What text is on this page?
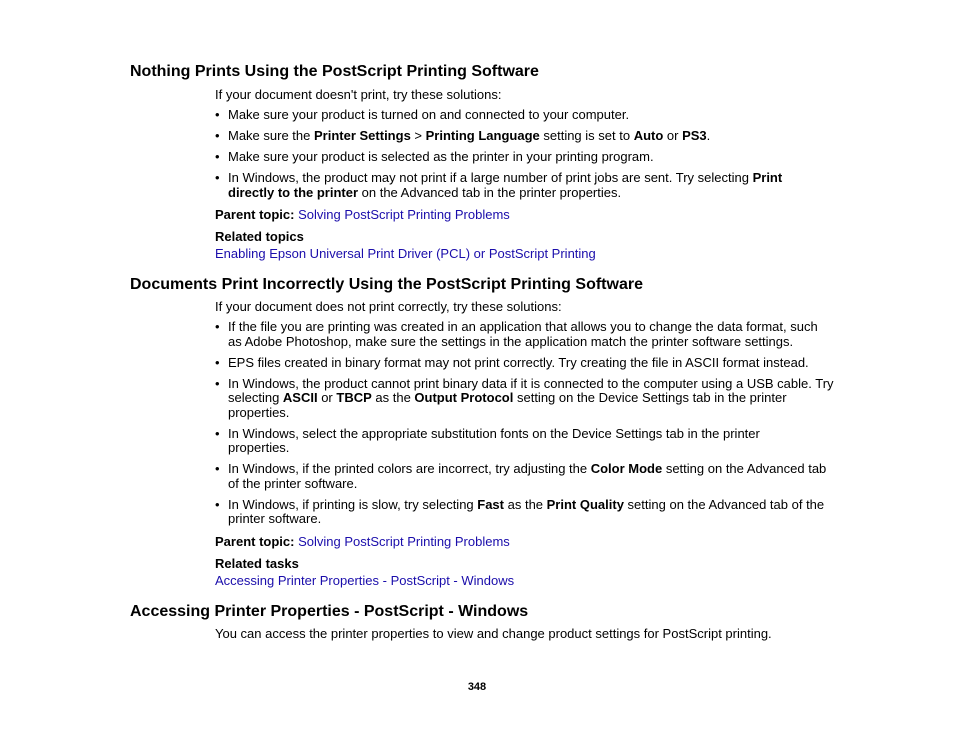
Nothing Prints Using the PostScript Printing Software

If your document doesn't print, try these solutions:

• Make sure your product is turned on and connected to your computer.
• Make sure the Printer Settings > Printing Language setting is set to Auto or PS3.
• Make sure your product is selected as the printer in your printing program.
• In Windows, the product may not print if a large number of print jobs are sent. Try selecting Print directly to the printer on the Advanced tab in the printer properties.

Parent topic: Solving PostScript Printing Problems

Related topics

Enabling Epson Universal Print Driver (PCL) or PostScript Printing

Documents Print Incorrectly Using the PostScript Printing Software

If your document does not print correctly, try these solutions:

• If the file you are printing was created in an application that allows you to change the data format, such as Adobe Photoshop, make sure the settings in the application match the printer software settings.
• EPS files created in binary format may not print correctly. Try creating the file in ASCII format instead.
• In Windows, the product cannot print binary data if it is connected to the computer using a USB cable. Try selecting ASCII or TBCP as the Output Protocol setting on the Device Settings tab in the printer properties.
• In Windows, select the appropriate substitution fonts on the Device Settings tab in the printer properties.
• In Windows, if the printed colors are incorrect, try adjusting the Color Mode setting on the Advanced tab of the printer software.
• In Windows, if printing is slow, try selecting Fast as the Print Quality setting on the Advanced tab of the printer software.

Parent topic: Solving PostScript Printing Problems

Related tasks

Accessing Printer Properties - PostScript - Windows

Accessing Printer Properties - PostScript - Windows

You can access the printer properties to view and change product settings for PostScript printing.

348
